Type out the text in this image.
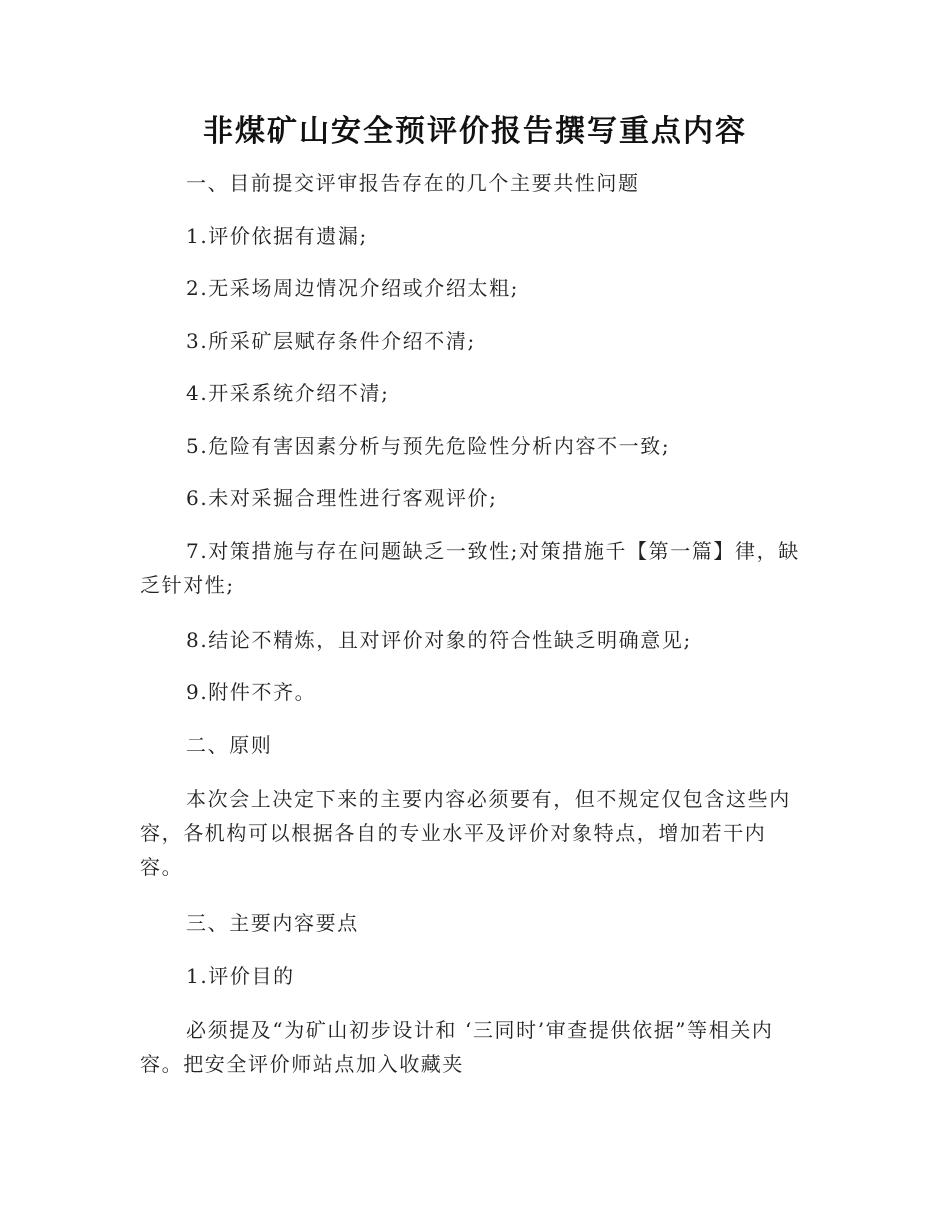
非煤矿山安全预评价报告撰写重点内容

一、目前提交评审报告存在的几个主要共性问题

1.评价依据有遗漏;

2.无采场周边情况介绍或介绍太粗;

3.所采矿层赋存条件介绍不清;

4.开采系统介绍不清;

5.危险有害因素分析与预先危险性分析内容不一致;

6.未对采掘合理性进行客观评价;

7.对策措施与存在问题缺乏一致性;对策措施千【第一篇】律，缺乏针对性;

8.结论不精炼，且对评价对象的符合性缺乏明确意见;

9.附件不齐。

二、原则

本次会上决定下来的主要内容必须要有，但不规定仅包含这些内容，各机构可以根据各自的专业水平及评价对象特点，增加若干内容。

三、主要内容要点

1.评价目的

必须提及“为矿山初步设计和 ‘三同时’审查提供依据”等相关内容。把安全评价师站点加入收藏夹
